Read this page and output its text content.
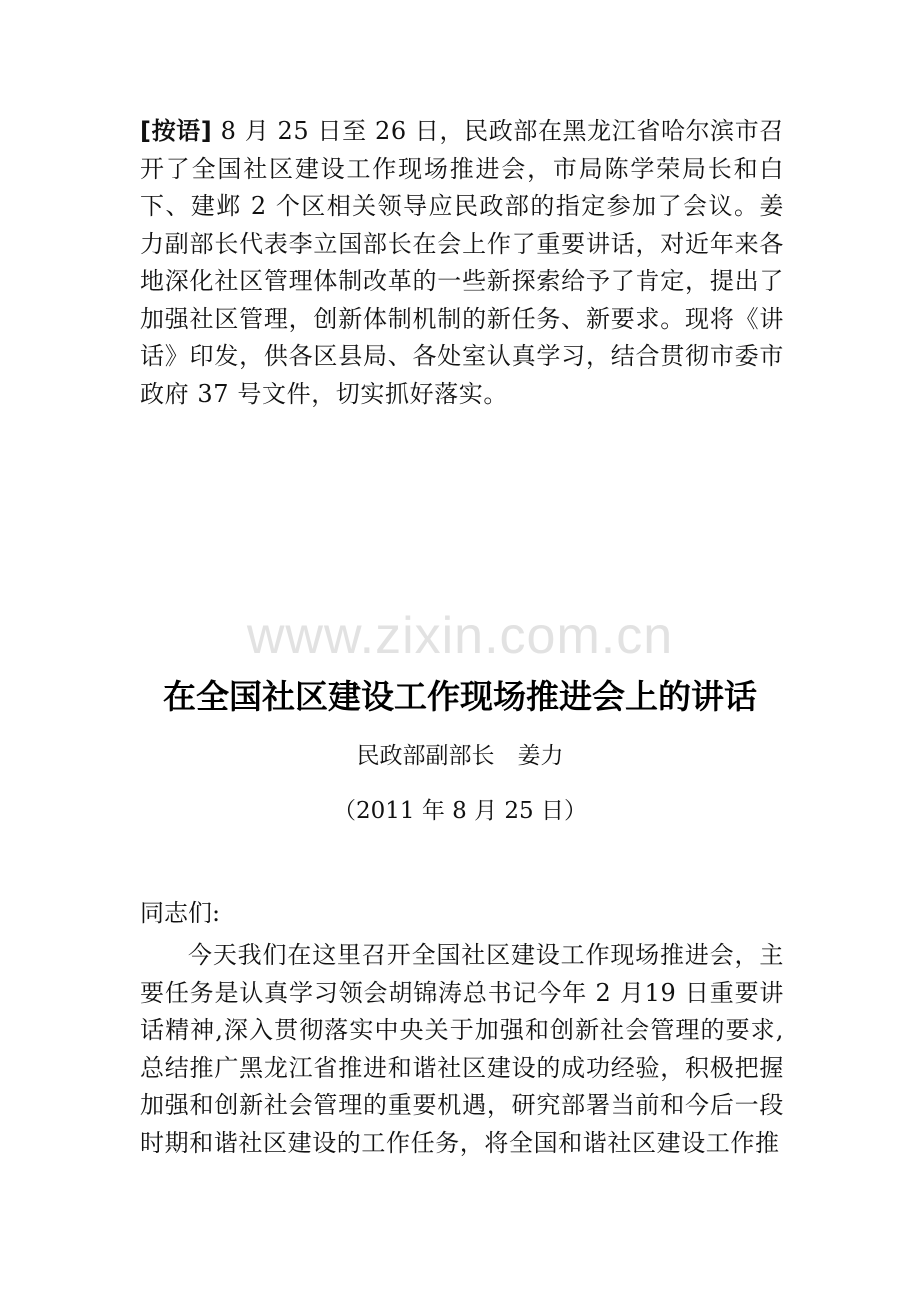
[按语] 8 月 25 日至 26 日，民政部在黑龙江省哈尔滨市召开了全国社区建设工作现场推进会，市局陈学荣局长和白下、建邺 2 个区相关领导应民政部的指定参加了会议。姜力副部长代表李立国部长在会上作了重要讲话，对近年来各地深化社区管理体制改革的一些新探索给予了肯定，提出了加强社区管理，创新体制机制的新任务、新要求。现将《讲话》印发，供各区县局、各处室认真学习，结合贯彻市委市政府 37 号文件，切实抓好落实。

www.zixin.com.cn
在全国社区建设工作现场推进会上的讲话

民政部副部长　姜力

（2011 年 8 月 25 日）

同志们:

今天我们在这里召开全国社区建设工作现场推进会，主要任务是认真学习领会胡锦涛总书记今年 2 月19 日重要讲话精神,深入贯彻落实中央关于加强和创新社会管理的要求,总结推广黑龙江省推进和谐社区建设的成功经验，积极把握加强和创新社会管理的重要机遇，研究部署当前和今后一段时期和谐社区建设的工作任务，将全国和谐社区建设工作推
